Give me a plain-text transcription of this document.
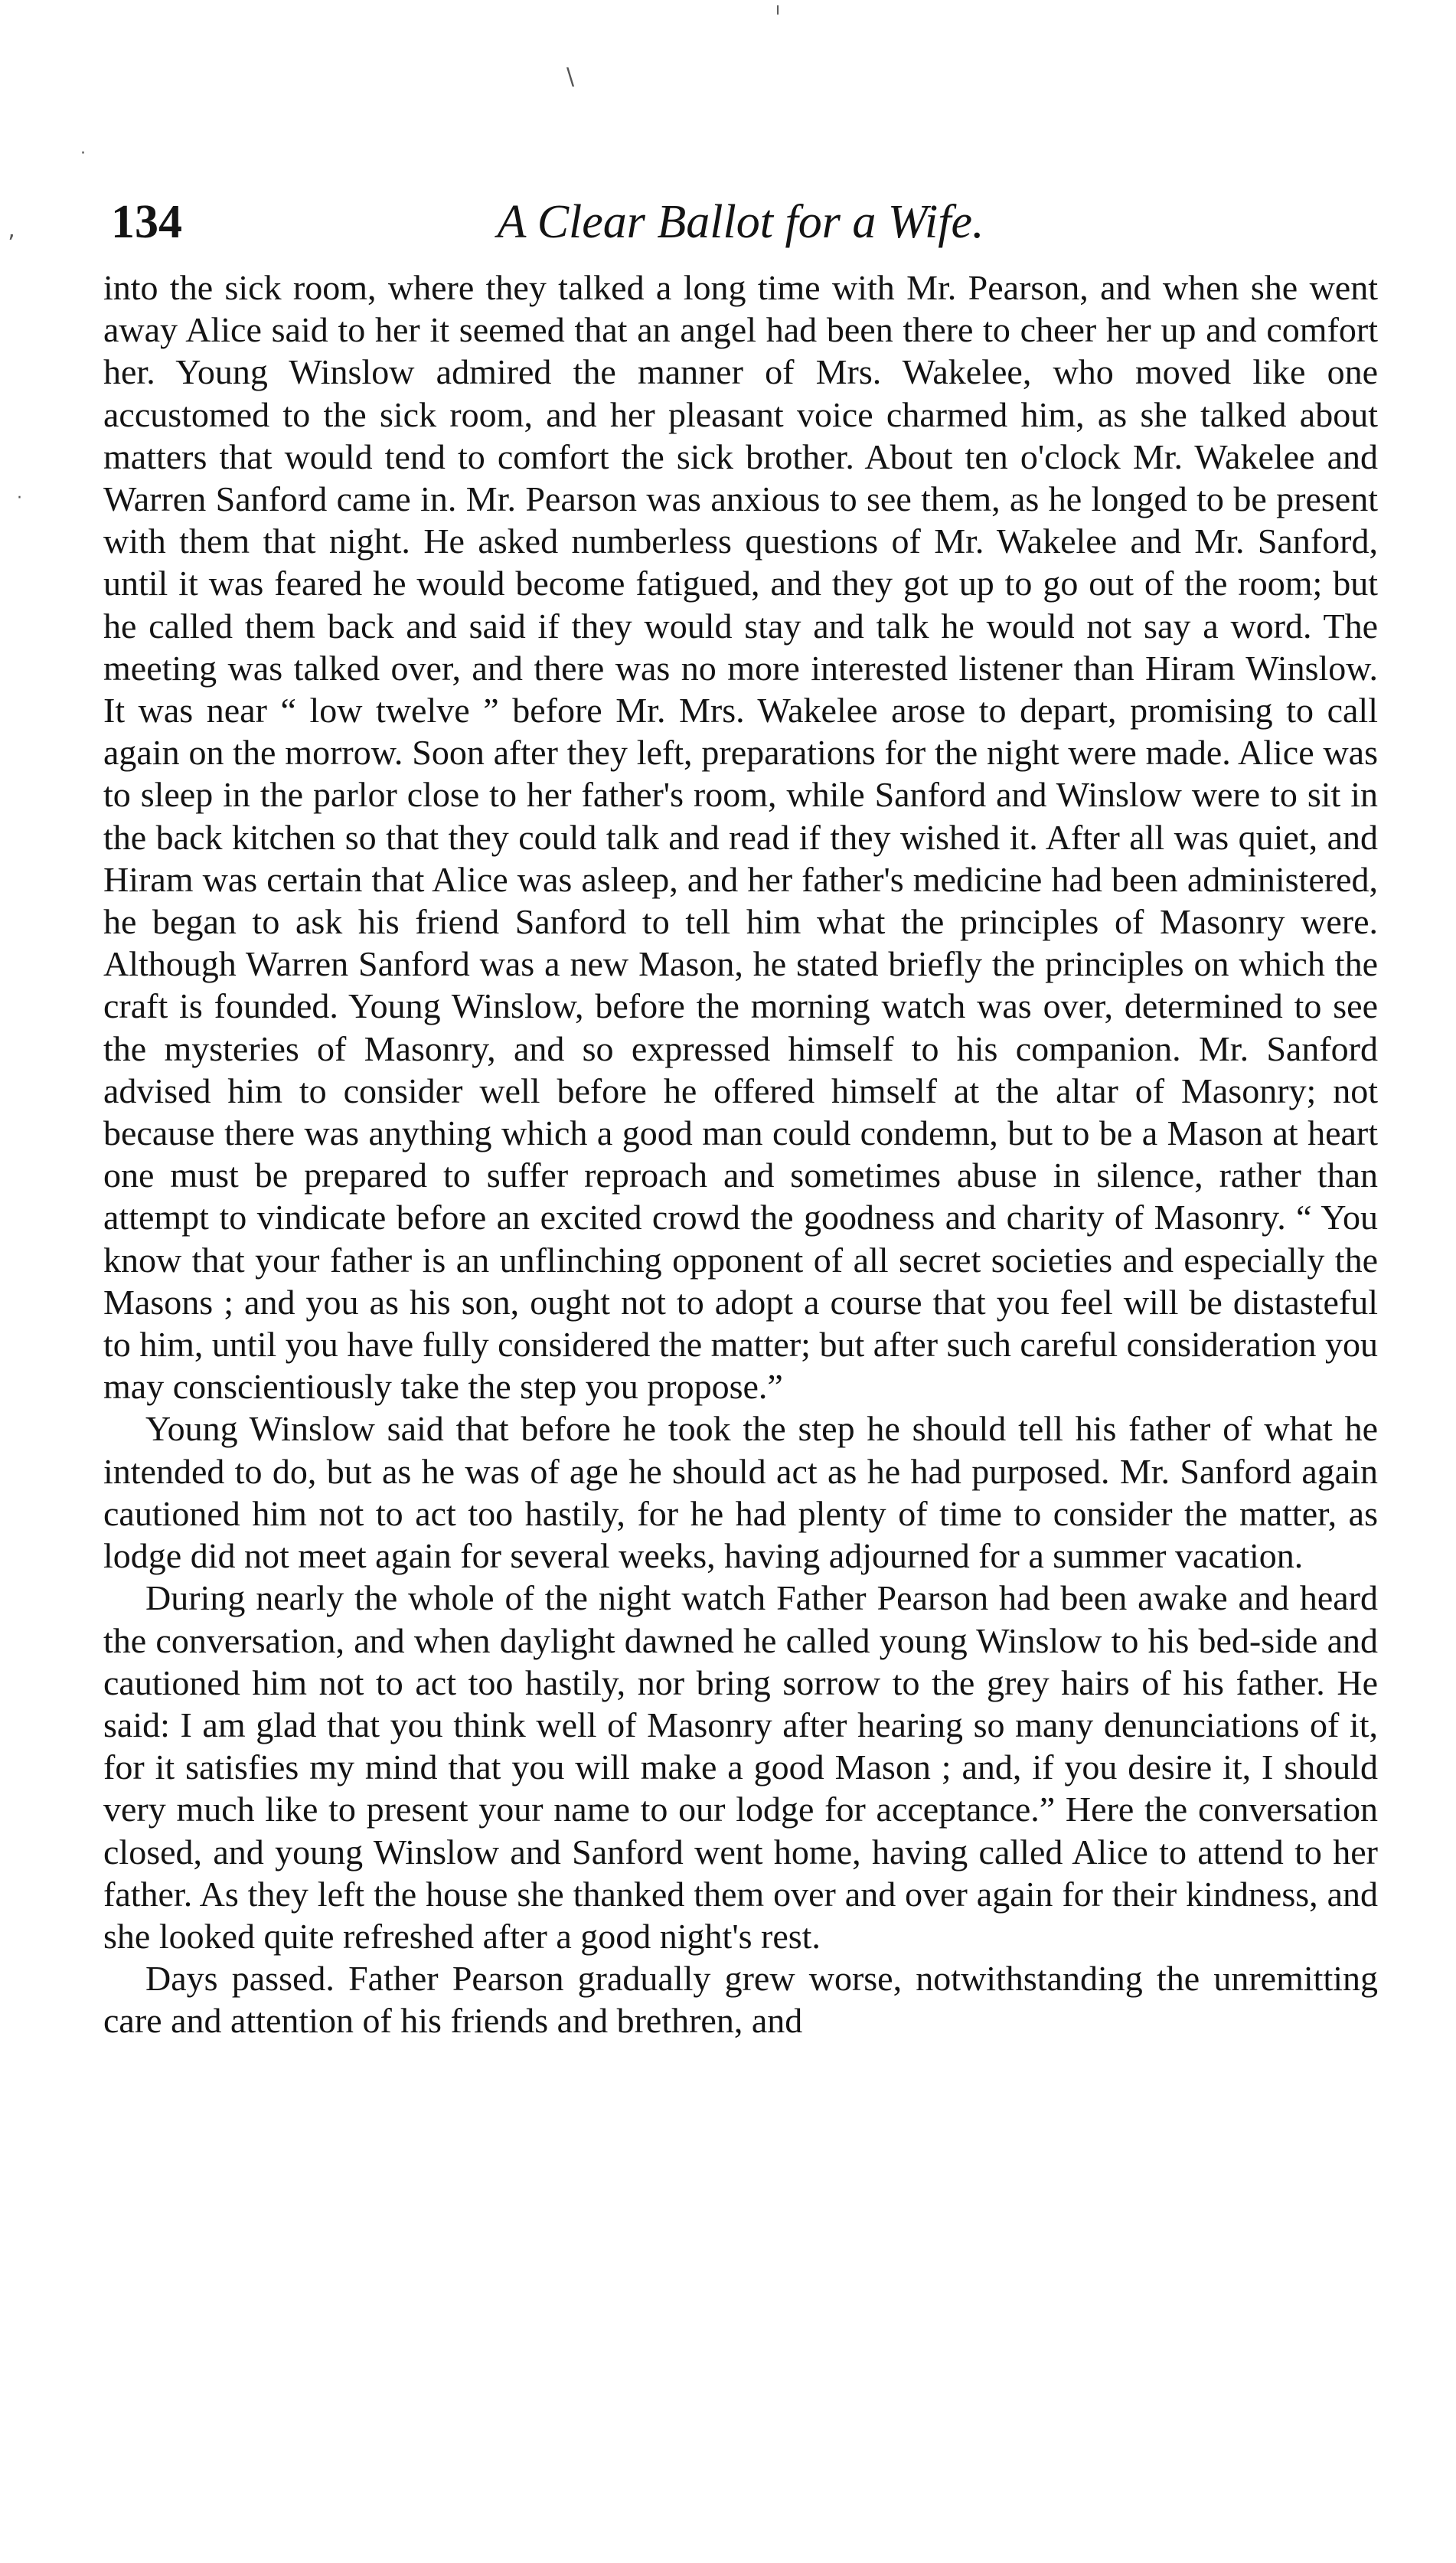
ı
\
·
ʼ
·
134	A Clear Ballot for a Wife.

into the sick room, where they talked a long time with Mr. Pearson, and when she went away Alice said to her it seemed that an angel had been there to cheer her up and comfort her. Young Winslow admired the manner of Mrs. Wakelee, who moved like one accustomed to the sick room, and her pleasant voice charmed him, as she talked about matters that would tend to comfort the sick brother. About ten o'clock Mr. Wakelee and Warren Sanford came in. Mr. Pearson was anxious to see them, as he longed to be present with them that night. He asked numberless questions of Mr. Wakelee and Mr. Sanford, until it was feared he would become fatigued, and they got up to go out of the room; but he called them back and said if they would stay and talk he would not say a word. The meeting was talked over, and there was no more interested listener than Hiram Winslow. It was near “ low twelve ” before Mr. Mrs. Wakelee arose to depart, promising to call again on the morrow. Soon after they left, preparations for the night were made. Alice was to sleep in the parlor close to her father's room, while Sanford and Winslow were to sit in the back kitchen so that they could talk and read if they wished it. After all was quiet, and Hiram was certain that Alice was asleep, and her father's medicine had been administered, he began to ask his friend Sanford to tell him what the principles of Masonry were. Although Warren Sanford was a new Mason, he stated briefly the principles on which the craft is founded. Young Winslow, before the morning watch was over, determined to see the mysteries of Masonry, and so expressed himself to his companion. Mr. Sanford advised him to consider well before he offered himself at the altar of Masonry; not because there was anything which a good man could condemn, but to be a Mason at heart one must be prepared to suffer reproach and sometimes abuse in silence, rather than attempt to vindicate before an excited crowd the goodness and charity of Masonry. “ You know that your father is an unflinching opponent of all secret societies and especially the Masons ; and you as his son, ought not to adopt a course that you feel will be distasteful to him, until you have fully considered the matter; but after such careful consideration you may conscientiously take the step you propose.”

Young Winslow said that before he took the step he should tell his father of what he intended to do, but as he was of age he should act as he had purposed. Mr. Sanford again cautioned him not to act too hastily, for he had plenty of time to consider the matter, as lodge did not meet again for several weeks, having adjourned for a summer vacation.

During nearly the whole of the night watch Father Pearson had been awake and heard the conversation, and when daylight dawned he called young Winslow to his bed-side and cautioned him not to act too hastily, nor bring sorrow to the grey hairs of his father. He said: I am glad that you think well of Masonry after hearing so many denunciations of it, for it satisfies my mind that you will make a good Mason ; and, if you desire it, I should very much like to present your name to our lodge for acceptance.” Here the conversation closed, and young Winslow and Sanford went home, having called Alice to attend to her father. As they left the house she thanked them over and over again for their kindness, and she looked quite refreshed after a good night's rest.

Days passed. Father Pearson gradually grew worse, notwithstanding the unremitting care and attention of his friends and brethren, and
